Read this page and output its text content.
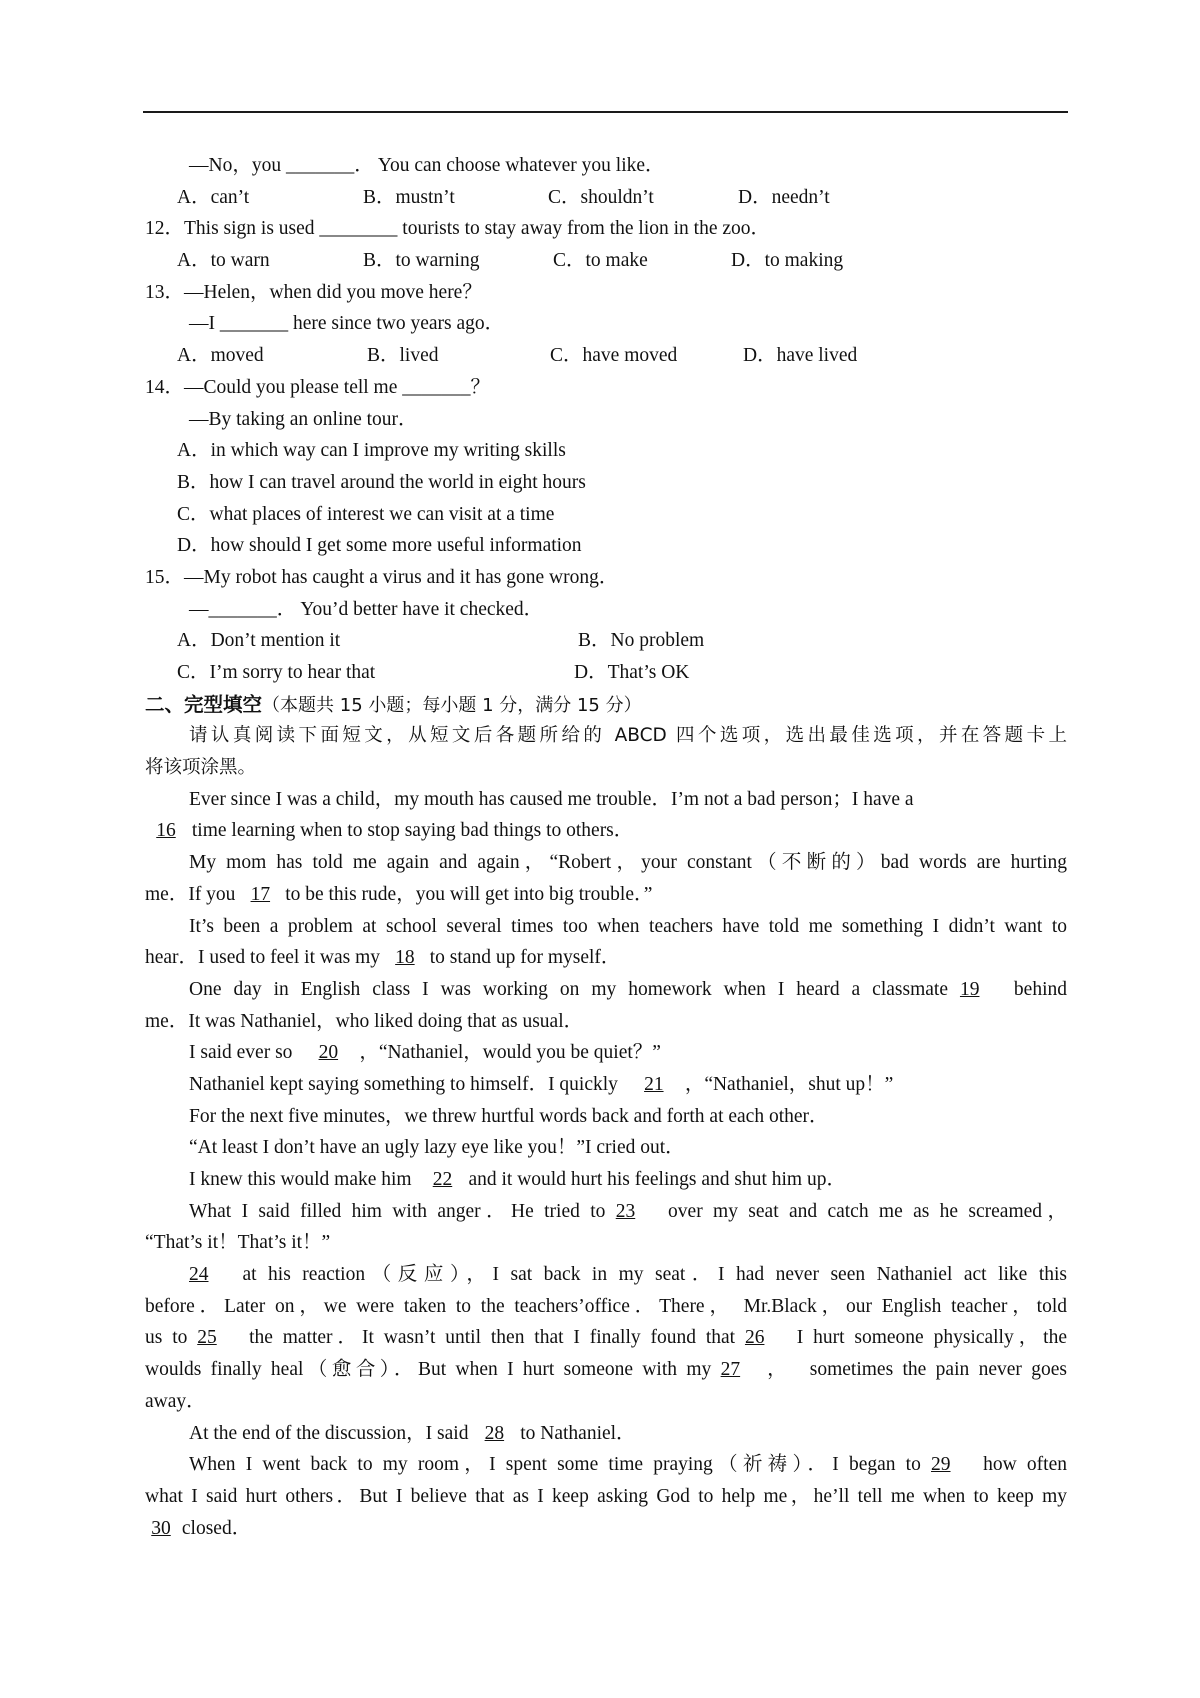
—No，you _______． You can choose whatever you like．

A．can’t

	B．mustn’t

	C．shouldn’t

	D．needn’t

12．This sign is used ________ tourists to stay away from the lion in the zoo．

A．to warn

	B．to warning

	C．to make

	D．to making

13．—Helen，when did you move here？
—I _______ here since two years ago．

A．moved

	B．lived

	C．have moved

	D．have lived

14．—Could you please tell me _______？
—By taking an online tour．
A．in which way can I improve my writing skills
B．how I can travel around the world in eight hours
C．what places of interest we can visit at a time
D．how should I get some more useful information
15．—My robot has caught a virus and it has gone wrong．
—_______． You’d better have it checked．

A．Don’t mention it

	B．No problem

C．I’m sorry to hear that

	D．That’s OK

二、完型填空（本题共 15 小题；每小题 1 分，满分 15 分）
请认真阅读下面短文，从短文后各题所给的 ABCD 四个选项，选出最佳选项，并在答题卡上
将该项涂黑。
Ever since I was a child，my mouth has caused me trouble．I’m not a bad person；I have a
16 time learning when to stop saying bad things to others．
My mom has told me again and again，“Robert，your constant（不断的）bad words are hurting
me．If you 17 to be this rude，you will get into big trouble．”
It’s been a problem at school several times too when teachers have told me something I didn’t want to
hear．I used to feel it was my 18 to stand up for myself．
One day in English class I was working on my homework when I heard a classmate 19 behind
me．It was Nathaniel，who liked doing that as usual．
I said ever so 20 ，“Nathaniel，would you be quiet？”
Nathaniel kept saying something to himself．I quickly 21 ，“Nathaniel，shut up！”
For the next five minutes，we threw hurtful words back and forth at each other．
“At least I don’t have an ugly lazy eye like you！”I cried out．
I knew this would make him 22 and it would hurt his feelings and shut him up．
What I said filled him with anger．He tried to 23 over my seat and catch me as he screamed，
“That’s it！That’s it！”
24 at his reaction（反应），I sat back in my seat．I had never seen Nathaniel act like this
before．Later on，we were taken to the teachers’office．There， Mr.Black，our English teacher，told
us to 25 the matter．It wasn’t until then that I finally found that 26 I hurt someone physically，the
woulds finally heal（愈合）．But when I hurt someone with my 27 ，  sometimes the pain never goes
away．
At the end of the discussion，I said 28 to Nathaniel．
When I went back to my room，I spent some time praying（祈祷）．I began to 29 how often
what I said hurt others．But I believe that as I keep asking God to help me，he’ll tell me when to keep my
30 closed．
